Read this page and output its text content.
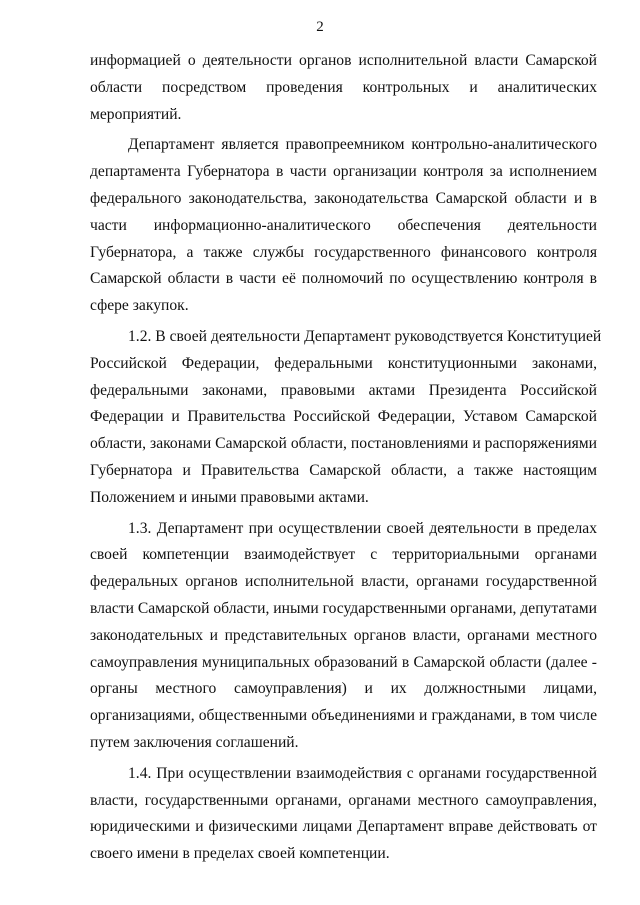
2
информацией о деятельности органов исполнительной власти Самарской
области посредством проведения контрольных и аналитических
мероприятий.
Департамент является правопреемником контрольно-аналитического
департамента Губернатора в части организации контроля за исполнением
федерального законодательства, законодательства Самарской области и в
части информационно-аналитического обеспечения деятельности
Губернатора, а также службы государственного финансового контроля
Самарской области в части её полномочий по осуществлению контроля в
сфере закупок.
1.2. В своей деятельности Департамент руководствуется Конституцией
Российской Федерации, федеральными конституционными законами,
федеральными законами, правовыми актами Президента Российской
Федерации и Правительства Российской Федерации, Уставом Самарской
области, законами Самарской области, постановлениями и распоряжениями
Губернатора и Правительства Самарской области, а также настоящим
Положением и иными правовыми актами.
1.3. Департамент при осуществлении своей деятельности в пределах
своей компетенции взаимодействует с территориальными органами
федеральных органов исполнительной власти, органами государственной
власти Самарской области, иными государственными органами, депутатами
законодательных и представительных органов власти, органами местного
самоуправления муниципальных образований в Самарской области (далее -
органы местного самоуправления) и их должностными лицами,
организациями, общественными объединениями и гражданами, в том числе
путем заключения соглашений.
1.4. При осуществлении взаимодействия с органами государственной
власти, государственными органами, органами местного самоуправления,
юридическими и физическими лицами Департамент вправе действовать от
своего имени в пределах своей компетенции.
